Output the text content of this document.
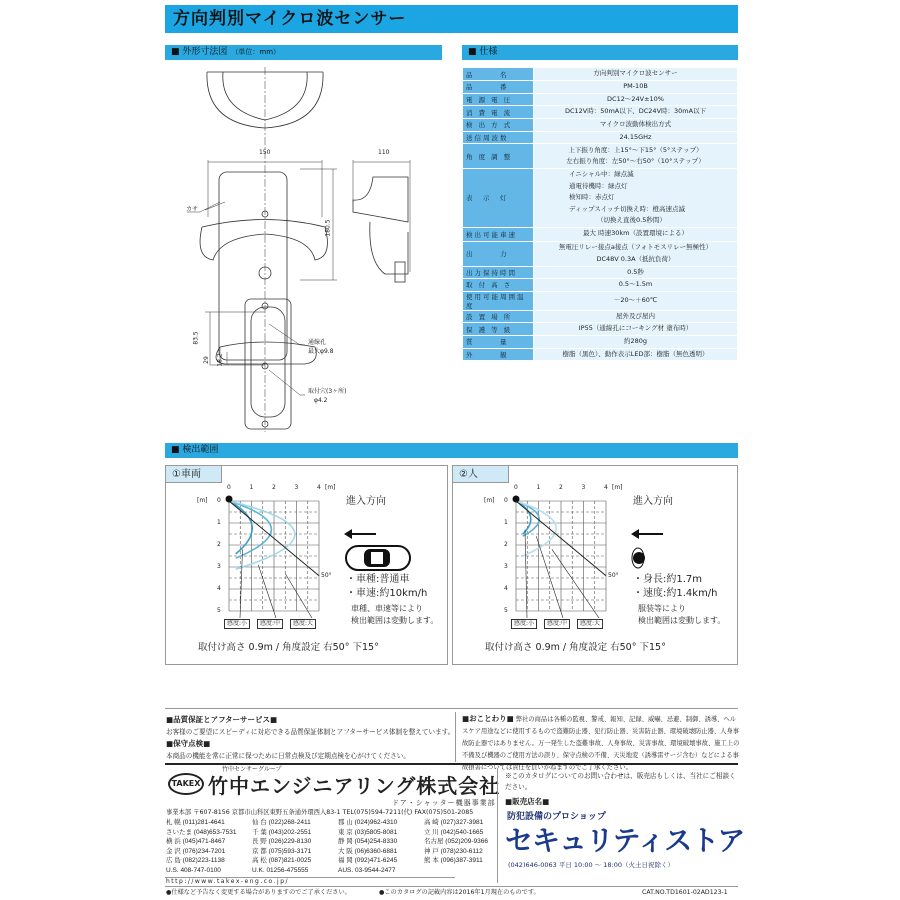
方向判別マイクロ波センサー
■ 外形寸法図 （単位：mm）
150	110
180.5
カサ
83.5
29 18.2
通線孔
最大φ9.8
取付穴(3ヶ所)
φ4.2
■ 仕様
品　　　名	方向判別マイクロ波センサー

品　　　番	PM-10B

電 源 電 圧	DC12～24V±10%

消 費 電 流	DC12V時：50mA以下、DC24V時：30mA以下

検 出 方 式	マイクロ波動体検出方式

送信周波数	24.15GHz

角 度 調 整	上下振り角度：上15°～下15°（5°ステップ）
左右振り角度：左50°～右50°（10°ステップ）

表　示　灯	イニシャル中：緑点滅
通電待機時：緑点灯
検知時：赤点灯
ディップスイッチ切換え時：橙高速点滅
（切換え直後0.5秒間）

検出可能車速	最大 時速30km（設置環境による）

出　　　力	無電圧リレー接点a接点（フォトモスリレー無極性）
DC48V 0.3A（抵抗負荷）

出力保持時間	0.5秒

取 付 高 さ	0.5～1.5m

使用可能周囲温度	－20～＋60℃

設 置 場 所	屋外及び屋内

保 護 等 級	IP55（通線孔にコーキング材 塗布時）

質　　　量	約280g

外　　　観	樹脂（黒色）、動作表示LED部：樹脂（無色透明）
■ 検出範囲
①車両
0	1	2	3	4 [m]
[m] 0
1
2
3
4
5
50°
感度:小	感度:中	感度:大
進入方向
・車種:普通車
・車速:約10km/h
車種、車速等により
検出範囲は変動します。
取付け高さ 0.9m / 角度設定 右50° 下15°
②人
0	1	2	3	4 [m]
[m] 0
1
2
3
4
5
50°
感度:小	感度:中	感度:大
進入方向
・身長:約1.7m
・速度:約1.4km/h
服装等により
検出範囲は変動します。
取付け高さ 0.9m / 角度設定 右50° 下15°
■品質保証とアフターサービス■
お客様のご要望にスピーディに対応できる品質保証体制とアフターサービス体制を整えています。
■保守点検■
本商品の機能を常に正常に保つために日常点検及び定期点検を心がけてください。
■おことわり■ 弊社の商品は各種の監視、警戒、報知、記録、威嚇、忌避、制御、誘導、ヘルスケア用途などに使用するもので盗難防止器、犯行防止器、災害防止器、環境破壊防止器、人身事故防止器ではありません。万一発生した盗難事故、人身事故、災害事故、環境破壊事故、施工上の不備及び機器のご使用方法の誤り、保守点検の不備、天災地変（誘導雷サージ含む）などによる事故損害については責任を負いかねますのでご了承ください。
TAKEX
竹中センサーグループ
竹中エンジニアリング株式会社
ドア・シャッター機器事業部
事業本部 〒607-8156 京都市山科区東野五条通外環西入83-1 TEL(075)594-7211(代) FAX(075)501-2085
札 幌 (011)281-4641	仙 台 (022)268-2411	郡 山 (024)962-4310	高 崎 (027)327-3981
さいたま (048)653-7531	千 葉 (043)202-2551	東 京 (03)5805-8081	立 川 (042)540-1665
横 浜 (045)471-8467	長 野 (026)229-8130	静 岡 (054)254-8330	名古屋 (052)209-9366
金 沢 (076)234-7201	京 都 (075)593-3171	大 阪 (06)6360-6881	神 戸 (078)230-6112
広 島 (082)223-1138	高 松 (087)821-0025	福 岡 (092)471-6245	熊 本 (096)387-3911
U.S. 408-747-0100	U.K. 01256-475555	AUS. 03-9544-2477
http://www.takex-eng.co.jp/
●仕様など予告なく変更する場合がありますのでご了承ください。	●このカタログの記載内容は2016年1月現在のものです。	CAT.NO.TD1601-02AD123-1
※このカタログについてのお問い合わせは、販売店もしくは、当社にご相談ください。
■販売店名■
防犯設備のプロショップ
セキュリティストア
(042)646-0063 平日 10:00 ～ 18:00（火土日祝除く）
